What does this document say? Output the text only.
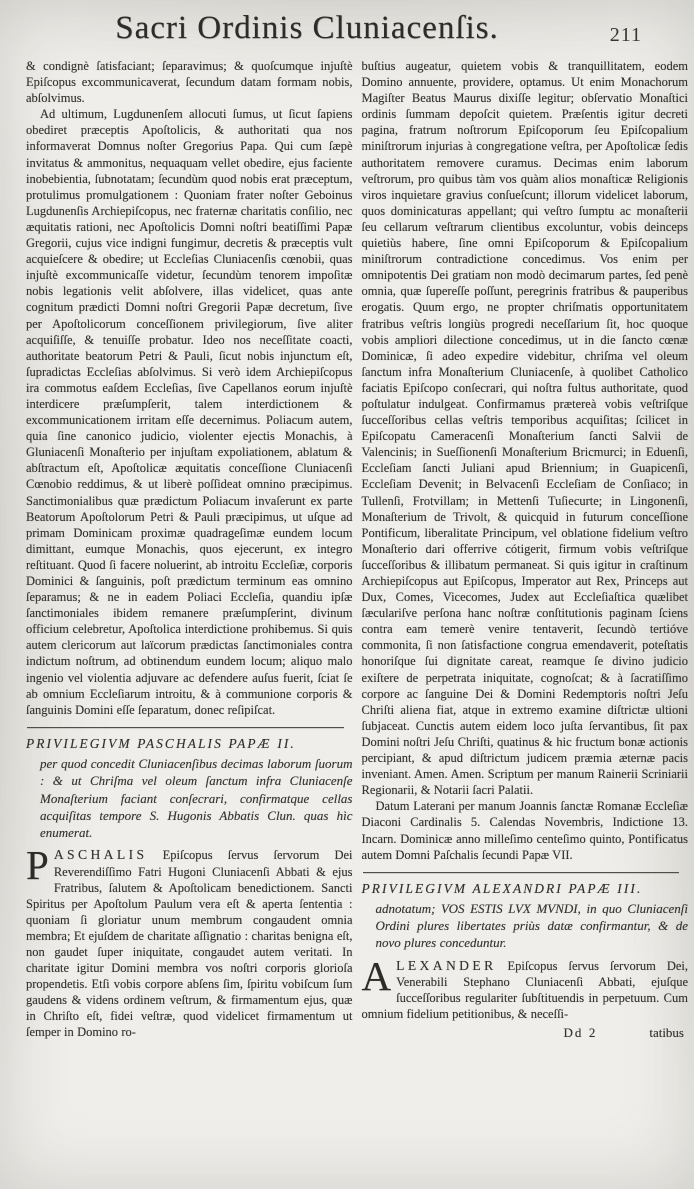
Sacri Ordinis Cluniacenſis.	211

& condignè ſatisfaciant; ſeparavimus; & quoſcumque injuſtè Epiſcopus excommunicaverat, ſecundum datam formam nobis, abſolvimus.

Ad ultimum, Lugdunenſem allocuti ſumus, ut ſicut ſapiens obediret præceptis Apoſtolicis, & authoritati qua nos informaverat Domnus noſter Gregorius Papa. Qui cum ſæpè invitatus & ammonitus, nequaquam vellet obedire, ejus faciente inobebientia, ſubnotatam; ſecundùm quod nobis erat præceptum, protulimus promulgationem : Quoniam frater noſter Geboinus Lugdunenſis Archiepiſcopus, nec fraternæ charitatis conſilio, nec æquitatis rationi, nec Apoſtolicis Domni noſtri beatiſſimi Papæ Gregorii, cujus vice indigni fungimur, decretis & præceptis vult acquieſcere & obedire; ut Eccleſias Cluniacenſis cœnobii, quas injuſtè excommunicaſſe videtur, ſecundùm tenorem impoſitæ nobis legationis velit abſolvere, illas videlicet, quas ante cognitum prædicti Domni noſtri Gregorii Papæ decretum, ſive per Apoſtolicorum conceſſionem privilegiorum, ſive aliter acquiſiſſe, & tenuiſſe probatur. Ideo nos neceſſitate coacti, authoritate beatorum Petri & Pauli, ſicut nobis injunctum eſt, ſupradictas Eccleſias abſolvimus. Si verò idem Archiepiſcopus ira commotus eaſdem Eccleſias, ſive Capellanos eorum injuſtè interdicere præſumpſerit, talem interdictionem & excommunicationem irritam eſſe decernimus. Poliacum autem, quia ſine canonico judicio, violenter ejectis Monachis, à Gluniacenſi Monaſterio per injuſtam expoliationem, ablatum & abſtractum eſt, Apoſtolicæ æquitatis conceſſione Cluniacenſi Cœnobio reddimus, & ut liberè poſſideat omnino præcipimus. Sanctimonialibus quæ prædictum Poliacum invaſerunt ex parte Beatorum Apoſtolorum Petri & Pauli præcipimus, ut uſque ad primam Dominicam proximæ quadrageſimæ eundem locum dimittant, eumque Monachis, quos ejecerunt, ex integro reſtituant. Quod ſi facere noluerint, ab introitu Eccleſiæ, corporis Dominici & ſanguinis, poſt prædictum terminum eas omnino ſeparamus; & ne in eadem Poliaci Eccleſia, quandiu ipſæ ſanctimoniales ibidem remanere præſumpſerint, divinum officium celebretur, Apoſtolica interdictione prohibemus. Si quis autem clericorum aut laïcorum prædictas ſanctimoniales contra indictum noſtrum, ad obtinendum eundem locum; aliquo malo ingenio vel violentia adjuvare ac defendere auſus fuerit, ſciat ſe ab omnium Eccleſiarum introitu, & à communione corporis & ſanguinis Domini eſſe ſeparatum, donec reſipiſcat.

PRIVILEGIVM PASCHALIS PAPÆ II.
per quod concedit Cluniacenſibus decimas laborum ſuorum : & ut Chriſma vel oleum ſanctum infra Cluniacenſe Monaſterium faciant conſecrari, confirmatque cellas acquiſitas tempore S. Hugonis Abbatis Clun. quas hìc enumerat.

PASCHALIS Epiſcopus ſervus ſervorum Dei Reverendiſſimo Fatri Hugoni Cluniacenſi Abbati & ejus Fratribus, ſalutem & Apoſtolicam benedictionem. Sancti Spiritus per Apoſtolum Paulum vera eſt & aperta ſententia : quoniam ſi gloriatur unum membrum congaudent omnia membra; Et ejuſdem de charitate aſſignatio : charitas benigna eſt, non gaudet ſuper iniquitate, congaudet autem veritati. In charitate igitur Domini membra vos noſtri corporis glorioſa propendetis. Etſi vobis corpore abſens ſim, ſpiritu vobiſcum ſum gaudens & videns ordinem veſtrum, & firmamentum ejus, quæ in Chriſto eſt, fidei veſtræ, quod videlicet firmamentum ut ſemper in Domino ro-

buſtius augeatur, quietem vobis & tranquillitatem, eodem Domino annuente, providere, optamus. Ut enim Monachorum Magiſter Beatus Maurus dixiſſe legitur; obſervatio Monaſtici ordinis ſummam depoſcit quietem. Præſentis igitur decreti pagina, fratrum noſtrorum Epiſcoporum ſeu Epiſcopalium miniſtrorum injurias à congregatione veſtra, per Apoſtolicæ ſedis authoritatem removere curamus. Decimas enim laborum veſtrorum, pro quibus tàm vos quàm alios monaſticæ Religionis viros inquietare gravius conſueſcunt; illorum videlicet laborum, quos dominicaturas appellant; qui veſtro ſumptu ac monaſterii ſeu cellarum veſtrarum clientibus excoluntur, vobis deinceps quietiùs habere, ſine omni Epiſcoporum & Epiſcopalium miniſtrorum contradictione concedimus. Vos enim per omnipotentis Dei gratiam non modò decimarum partes, ſed penè omnia, quæ ſupereſſe poſſunt, peregrinis fratribus & pauperibus erogatis. Quum ergo, ne propter chriſmatis opportunitatem fratribus veſtris longiùs progredi neceſſarium ſit, hoc quoque vobis ampliori dilectione concedimus, ut in die ſancto cœnæ Dominicæ, ſi adeo expedire videbitur, chriſma vel oleum ſanctum infra Monaſterium Cluniacenſe, à quolibet Catholico faciatis Epiſcopo conſecrari, qui noſtra fultus authoritate, quod poſtulatur indulgeat. Confirmamus prætereà vobis veſtriſque ſucceſſoribus cellas veſtris temporibus acquiſitas; ſcilicet in Epiſcopatu Cameracenſi Monaſterium ſancti Salvii de Valencinis; in Sueſſionenſi Monaſterium Bricmurci; in Eduenſi, Eccleſiam ſancti Juliani apud Briennium; in Guapicenſi, Eccleſiam Devenit; in Belvacenſi Eccleſiam de Conſiaco; in Tullenſi, Frotvillam; in Mettenſi Tuſiecurte; in Lingonenſi, Monaſterium de Trivolt, & quicquid in futurum conceſſione Pontificum, liberalitate Principum, vel oblatione fidelium veſtro Monaſterio dari offerrive cótigerit, firmum vobis veſtriſque ſucceſſoribus & illibatum permaneat. Si quis igitur in craſtinum Archiepiſcopus aut Epiſcopus, Imperator aut Rex, Princeps aut Dux, Comes, Vicecomes, Judex aut Eccleſiaſtica quælibet ſæculariſve perſona hanc noſtræ conſtitutionis paginam ſciens contra eam temerè venire tentaverit, ſecundò tertióve commonita, ſi non ſatisfactione congrua emendaverit, poteſtatis honoriſque ſui dignitate careat, reamque ſe divino judicio exiſtere de perpetrata iniquitate, cognoſcat; & à ſacratiſſimo corpore ac ſanguine Dei & Domini Redemptoris noſtri Jeſu Chriſti aliena fiat, atque in extremo examine diſtrictæ ultioni ſubjaceat. Cunctis autem eidem loco juſta ſervantibus, ſit pax Domini noſtri Jeſu Chriſti, quatinus & hic fructum bonæ actionis percipiant, & apud diſtrictum judicem præmia æternæ pacis inveniant. Amen. Amen. Scriptum per manum Rainerii Scriniarii Regionarii, & Notarii ſacri Palatii.

Datum Laterani per manum Joannis ſanctæ Romanæ Eccleſiæ Diaconi Cardinalis 5. Calendas Novembris, Indictione 13. Incarn. Dominicæ anno milleſimo centeſimo quinto, Pontificatus autem Domni Paſchalis ſecundi Papæ VII.

PRIVILEGIVM ALEXANDRI PAPÆ III.
adnotatum; VOS ESTIS LVX MVNDI, in quo Cluniacenſi Ordini plures libertates priùs datæ confirmantur, & de novo plures conceduntur.

ALEXANDER Epiſcopus ſervus ſervorum Dei, Venerabili Stephano Cluniacenſi Abbati, ejuſque ſucceſſoribus regulariter ſubſtituendis in perpetuum. Cum omnium fidelium petitionibus, & neceſſi-

Dd 2	tatibus
